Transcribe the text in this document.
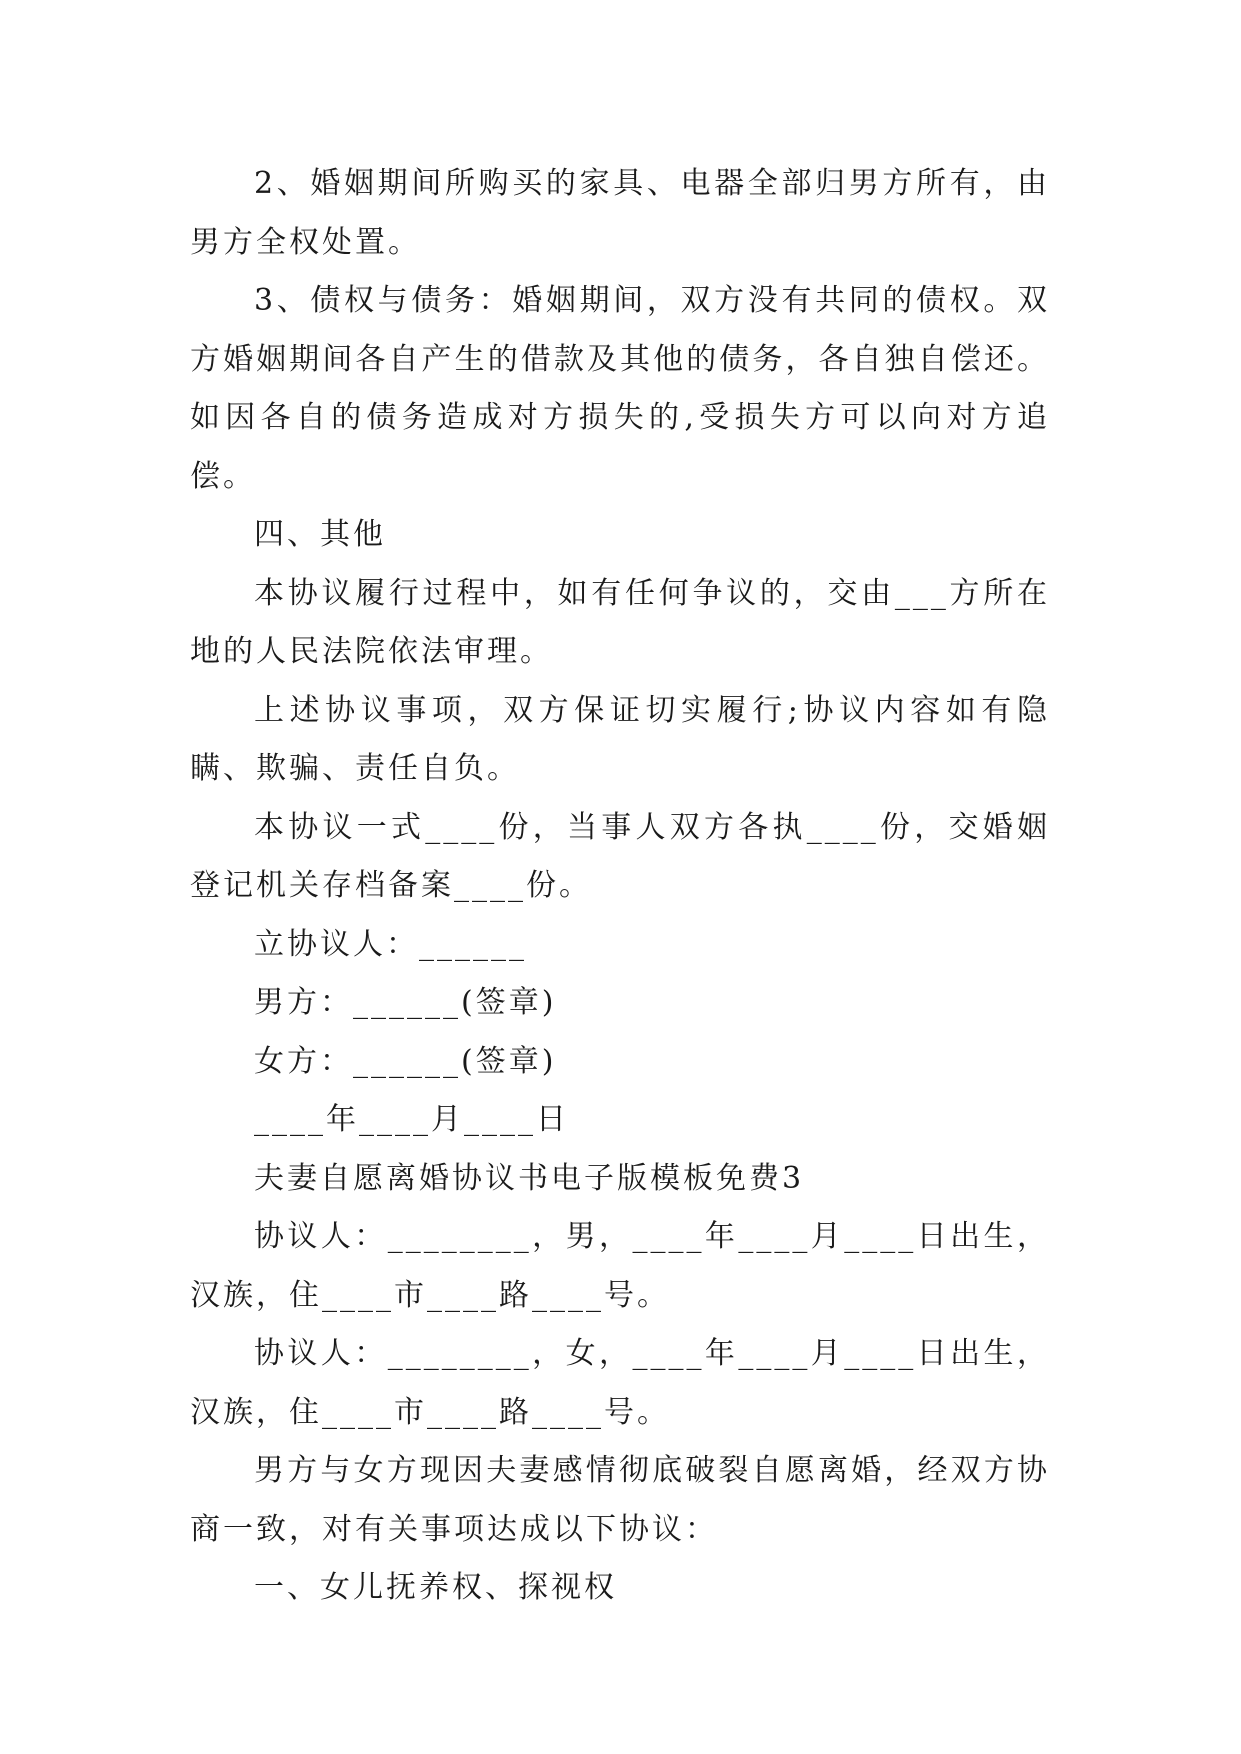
2、婚姻期间所购买的家具、电器全部归男方所有，由男方全权处置。

3、债权与债务：婚姻期间，双方没有共同的债权。双方婚姻期间各自产生的借款及其他的债务，各自独自偿还。如因各自的债务造成对方损失的,受损失方可以向对方追偿。

四、其他

本协议履行过程中，如有任何争议的，交由___方所在地的人民法院依法审理。

上述协议事项，双方保证切实履行;协议内容如有隐瞒、欺骗、责任自负。

本协议一式____份，当事人双方各执____份，交婚姻登记机关存档备案____份。

立协议人：______

男方：______(签章)

女方：______(签章)

____年____月____日

夫妻自愿离婚协议书电子版模板免费3

协议人：________，男，____年____月____日出生，汉族，住____市____路____号。

协议人：________，女，____年____月____日出生，汉族，住____市____路____号。

男方与女方现因夫妻感情彻底破裂自愿离婚，经双方协商一致，对有关事项达成以下协议：

一、女儿抚养权、探视权
